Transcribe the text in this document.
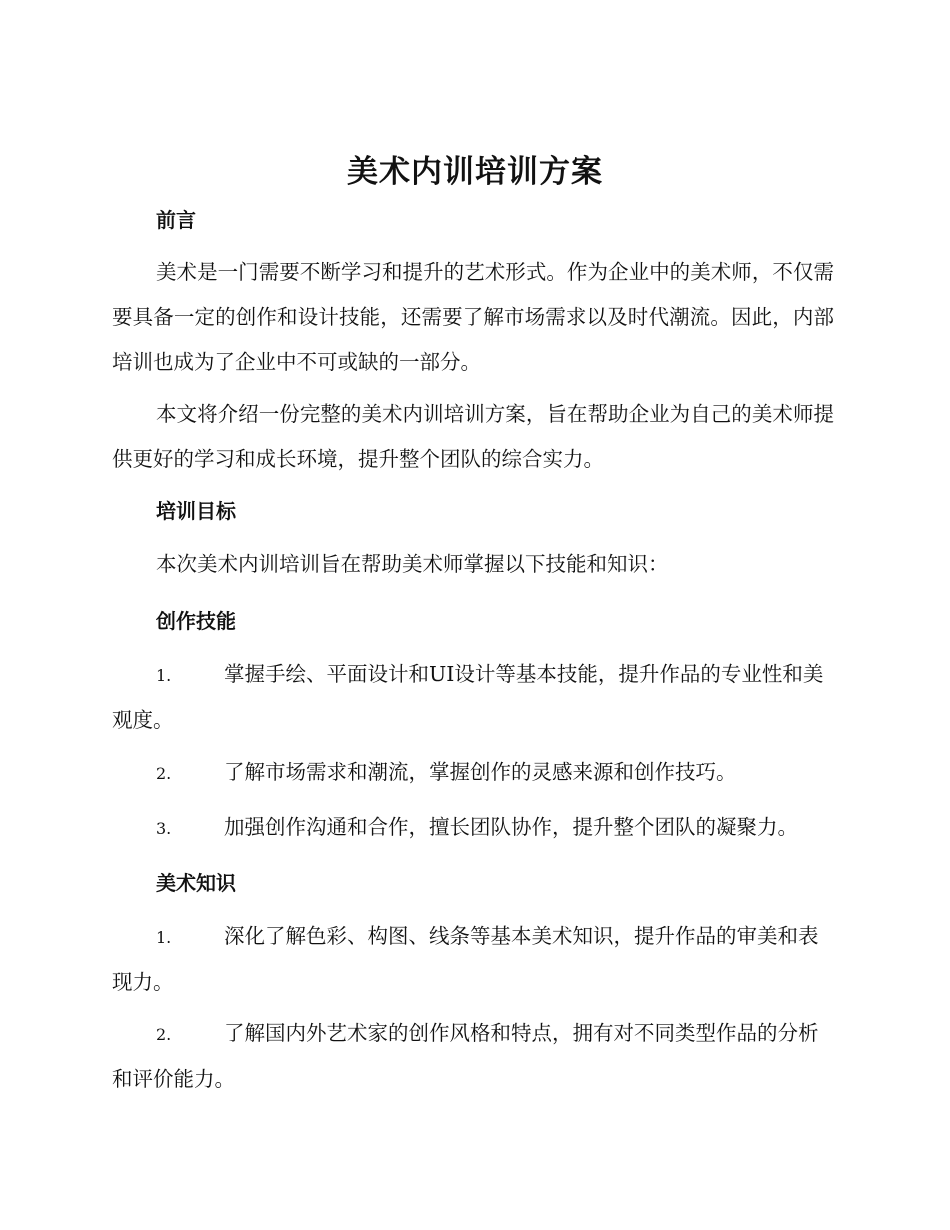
美术内训培训方案
前言

美术是一门需要不断学习和提升的艺术形式。作为企业中的美术师，不仅需要具备一定的创作和设计技能，还需要了解市场需求以及时代潮流。因此，内部培训也成为了企业中不可或缺的一部分。

本文将介绍一份完整的美术内训培训方案，旨在帮助企业为自己的美术师提供更好的学习和成长环境，提升整个团队的综合实力。

培训目标

本次美术内训培训旨在帮助美术师掌握以下技能和知识：

创作技能

1.	掌握手绘、平面设计和UI设计等基本技能，提升作品的专业性和美观度。

2.	了解市场需求和潮流，掌握创作的灵感来源和创作技巧。

3.	加强创作沟通和合作，擅长团队协作，提升整个团队的凝聚力。

美术知识

1.	深化了解色彩、构图、线条等基本美术知识，提升作品的审美和表现力。

2.	了解国内外艺术家的创作风格和特点，拥有对不同类型作品的分析和评价能力。
